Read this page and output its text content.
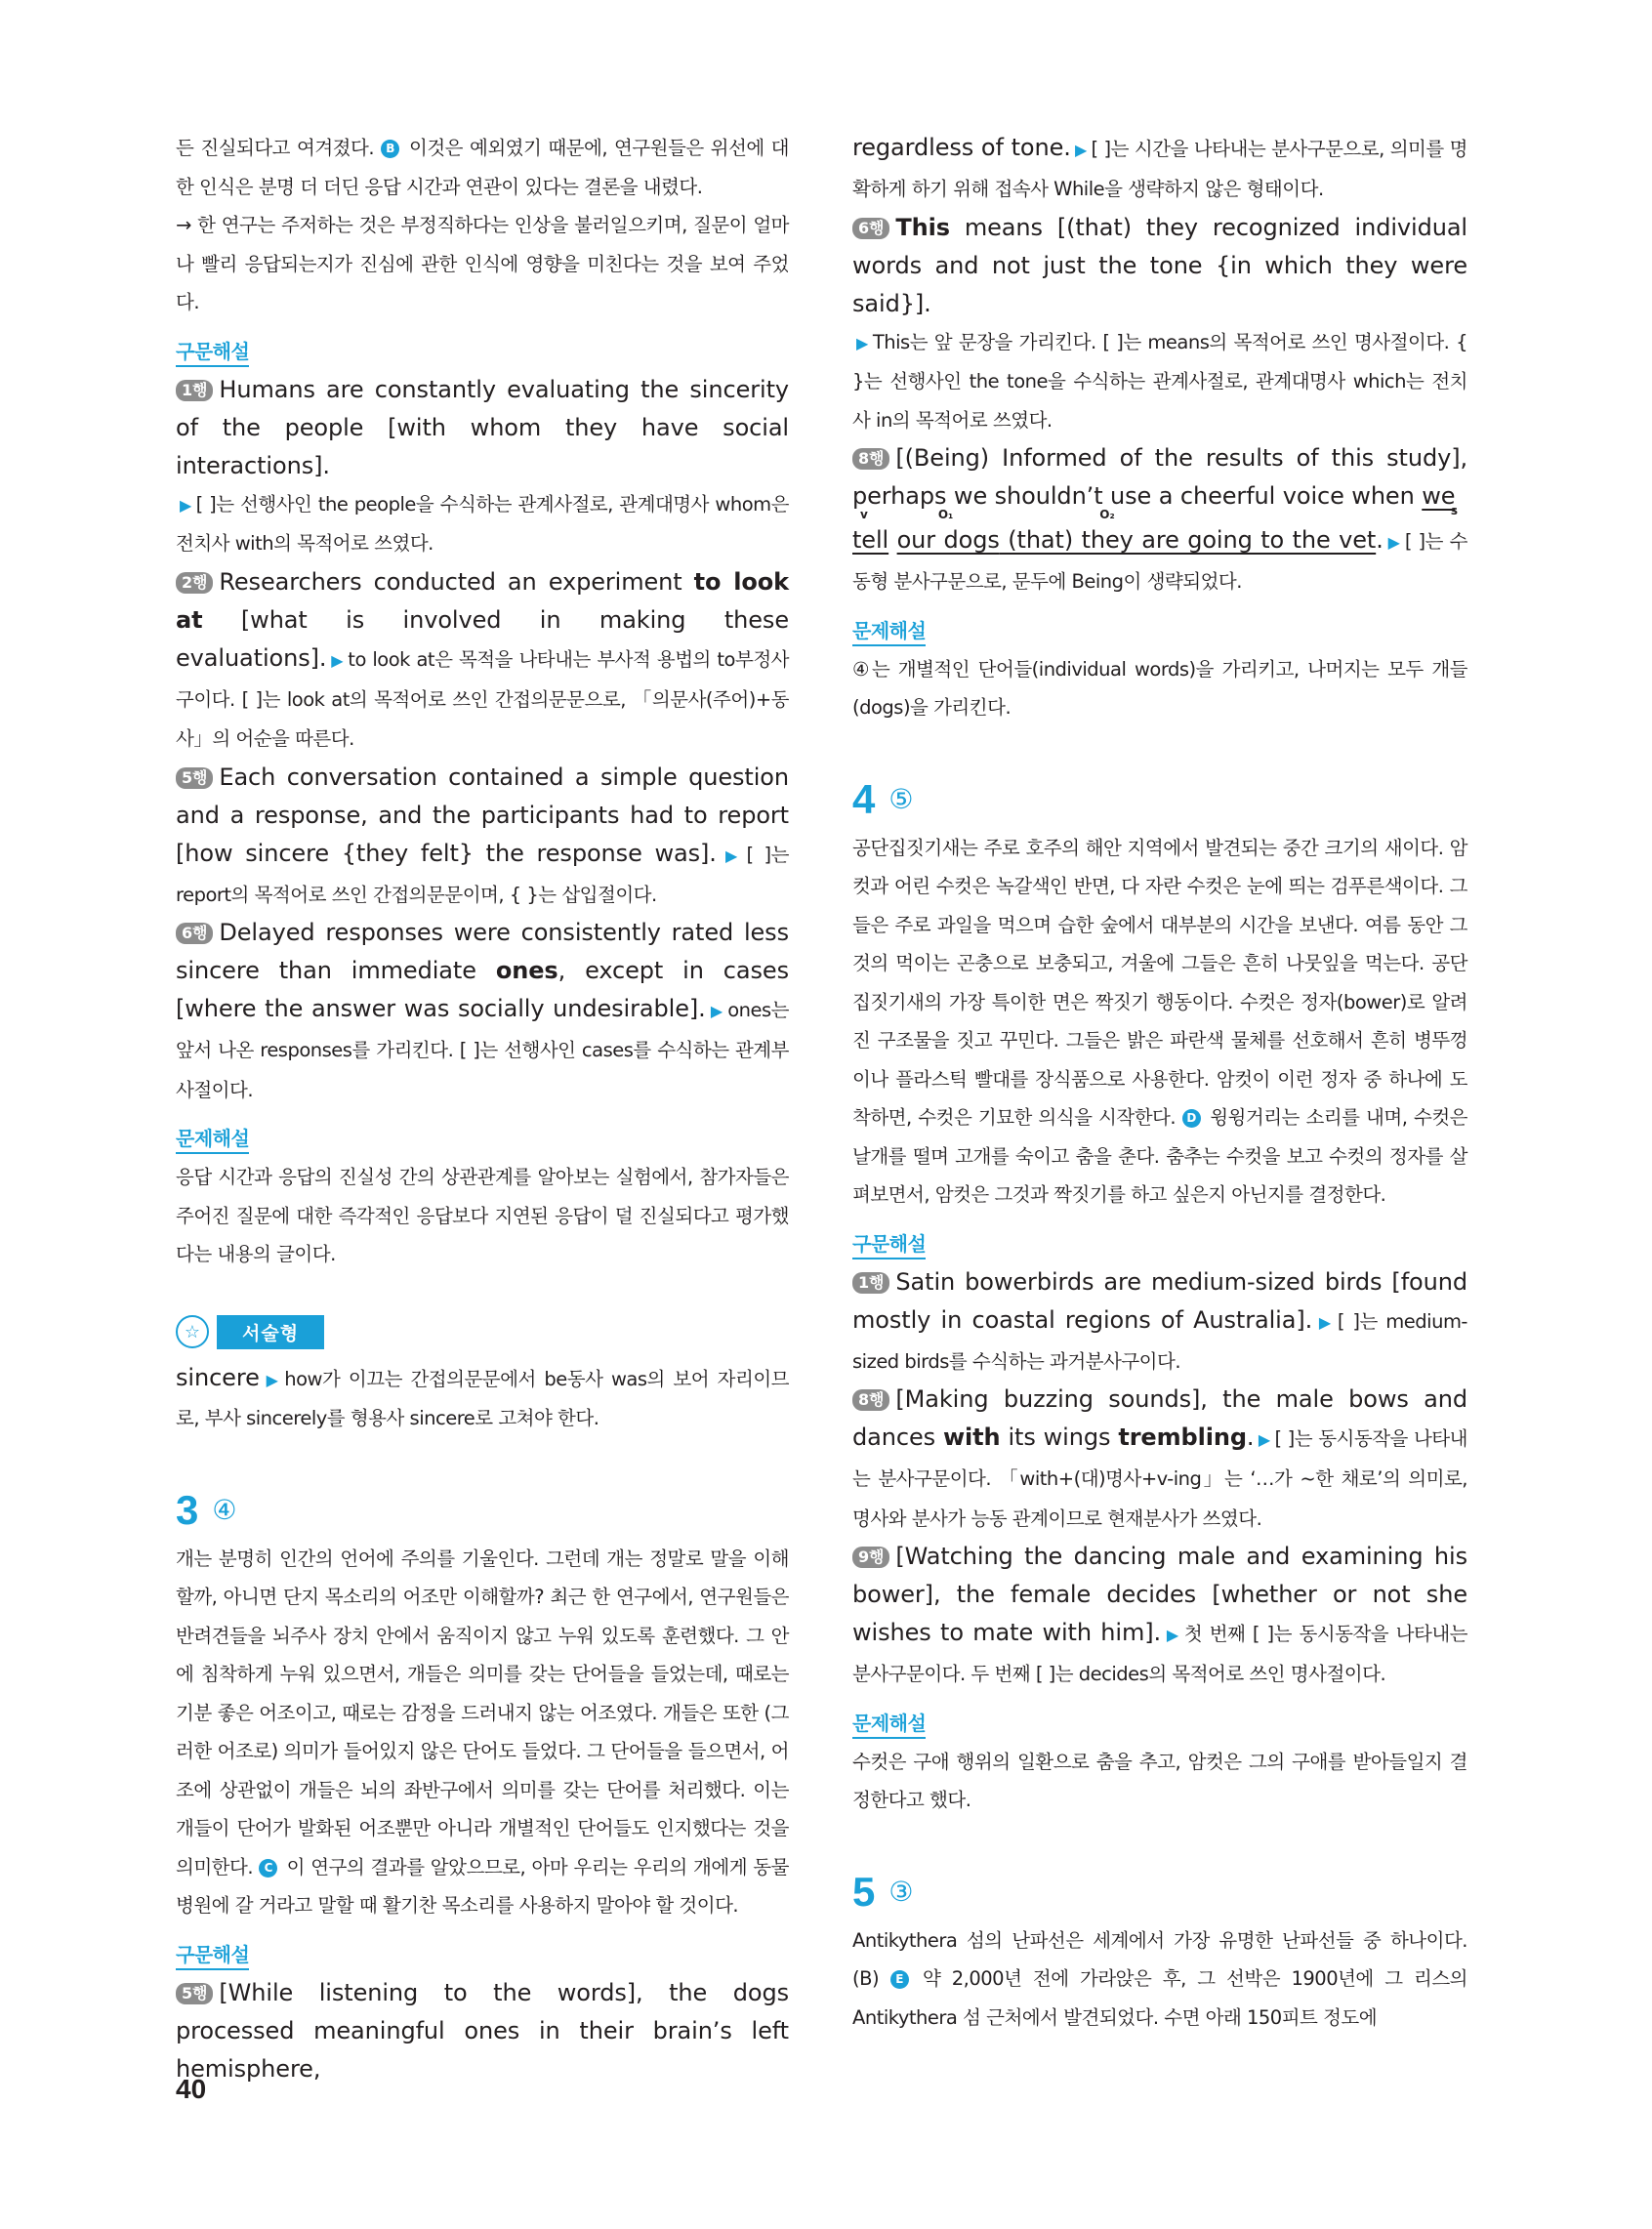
든 진실되다고 여겨졌다. B 이것은 예외였기 때문에, 연구원들은 위선에 대한 인식은 분명 더 더딘 응답 시간과 연관이 있다는 결론을 내렸다.

→ 한 연구는 주저하는 것은 부정직하다는 인상을 불러일으키며, 질문이 얼마나 빨리 응답되는지가 진심에 관한 인식에 영향을 미친다는 것을 보여 주었다.

구문해설

1행 Humans are constantly evaluating the sincerity of the people [with whom they have social interactions].

▶ [ ]는 선행사인 the people을 수식하는 관계사절로, 관계대명사 whom은 전치사 with의 목적어로 쓰였다.

2행 Researchers conducted an experiment to look at [what is involved in making these evaluations]. ▶ to look at은 목적을 나타내는 부사적 용법의 to부정사구이다. [ ]는 look at의 목적어로 쓰인 간접의문문으로, 「의문사(주어)+동사」의 어순을 따른다.

5행 Each conversation contained a simple question and a response, and the participants had to report [how sincere {they felt} the response was]. ▶ [ ]는 report의 목적어로 쓰인 간접의문문이며, { }는 삽입절이다.

6행 Delayed responses were consistently rated less sincere than immediate ones, except in cases [where the answer was socially undesirable]. ▶ ones는 앞서 나온 responses를 가리킨다. [ ]는 선행사인 cases를 수식하는 관계부사절이다.

문제해설

응답 시간과 응답의 진실성 간의 상관관계를 알아보는 실험에서, 참가자들은 주어진 질문에 대한 즉각적인 응답보다 지연된 응답이 덜 진실되다고 평가했다는 내용의 글이다.

☆	서술형

sincere ▶ how가 이끄는 간접의문문에서 be동사 was의 보어 자리이므로, 부사 sincerely를 형용사 sincere로 고쳐야 한다.

3 ④

개는 분명히 인간의 언어에 주의를 기울인다. 그런데 개는 정말로 말을 이해할까, 아니면 단지 목소리의 어조만 이해할까? 최근 한 연구에서, 연구원들은 반려견들을 뇌주사 장치 안에서 움직이지 않고 누워 있도록 훈련했다. 그 안에 침착하게 누워 있으면서, 개들은 의미를 갖는 단어들을 들었는데, 때로는 기분 좋은 어조이고, 때로는 감정을 드러내지 않는 어조였다. 개들은 또한 (그러한 어조로) 의미가 들어있지 않은 단어도 들었다. 그 단어들을 들으면서, 어조에 상관없이 개들은 뇌의 좌반구에서 의미를 갖는 단어를 처리했다. 이는 개들이 단어가 발화된 어조뿐만 아니라 개별적인 단어들도 인지했다는 것을 의미한다. C 이 연구의 결과를 알았으므로, 아마 우리는 우리의 개에게 동물 병원에 갈 거라고 말할 때 활기찬 목소리를 사용하지 말아야 할 것이다.

구문해설

5행 [While listening to the words], the dogs processed meaningful ones in their brain’s left hemisphere,

regardless of tone. ▶ [ ]는 시간을 나타내는 분사구문으로, 의미를 명확하게 하기 위해 접속사 While을 생략하지 않은 형태이다.

6행 This means [(that) they recognized individual words and not just the tone {in which they were said}].

▶ This는 앞 문장을 가리킨다. [ ]는 means의 목적어로 쓰인 명사절이다. { }는 선행사인 the tone을 수식하는 관계사절로, 관계대명사 which는 전치사 in의 목적어로 쓰였다.

8행 [(Being) Informed of the results of this study], perhaps we shouldn’t use a cheerful voice when we

s

tell our dogs (that) they are going to the vet. ▶ [ ]는 수동형 분사구문으로, 문두에 Being이 생략되었다.

v	O₁	O₂
문제해설

④는 개별적인 단어들(individual words)을 가리키고, 나머지는 모두 개들(dogs)을 가리킨다.

4 ⑤

공단집짓기새는 주로 호주의 해안 지역에서 발견되는 중간 크기의 새이다. 암컷과 어린 수컷은 녹갈색인 반면, 다 자란 수컷은 눈에 띄는 검푸른색이다. 그들은 주로 과일을 먹으며 습한 숲에서 대부분의 시간을 보낸다. 여름 동안 그것의 먹이는 곤충으로 보충되고, 겨울에 그들은 흔히 나뭇잎을 먹는다. 공단집짓기새의 가장 특이한 면은 짝짓기 행동이다. 수컷은 정자(bower)로 알려진 구조물을 짓고 꾸민다. 그들은 밝은 파란색 물체를 선호해서 흔히 병뚜껑이나 플라스틱 빨대를 장식품으로 사용한다. 암컷이 이런 정자 중 하나에 도착하면, 수컷은 기묘한 의식을 시작한다. D 윙윙거리는 소리를 내며, 수컷은 날개를 떨며 고개를 숙이고 춤을 춘다. 춤추는 수컷을 보고 수컷의 정자를 살펴보면서, 암컷은 그것과 짝짓기를 하고 싶은지 아닌지를 결정한다.

구문해설

1행 Satin bowerbirds are medium-sized birds [found mostly in coastal regions of Australia]. ▶ [ ]는 medium-sized birds를 수식하는 과거분사구이다.

8행 [Making buzzing sounds], the male bows and dances with its wings trembling. ▶ [ ]는 동시동작을 나타내는 분사구문이다. 「with+(대)명사+v-ing」는 ‘…가 ~한 채로’의 의미로, 명사와 분사가 능동 관계이므로 현재분사가 쓰였다.

9행 [Watching the dancing male and examining his bower], the female decides [whether or not she wishes to mate with him]. ▶ 첫 번째 [ ]는 동시동작을 나타내는 분사구문이다. 두 번째 [ ]는 decides의 목적어로 쓰인 명사절이다.

문제해설

수컷은 구애 행위의 일환으로 춤을 추고, 암컷은 그의 구애를 받아들일지 결정한다고 했다.

5 ③

Antikythera 섬의 난파선은 세계에서 가장 유명한 난파선들 중 하나이다. (B) E 약 2,000년 전에 가라앉은 후, 그 선박은 1900년에 그 리스의 Antikythera 섬 근처에서 발견되었다. 수면 아래 150피트 정도에

40
